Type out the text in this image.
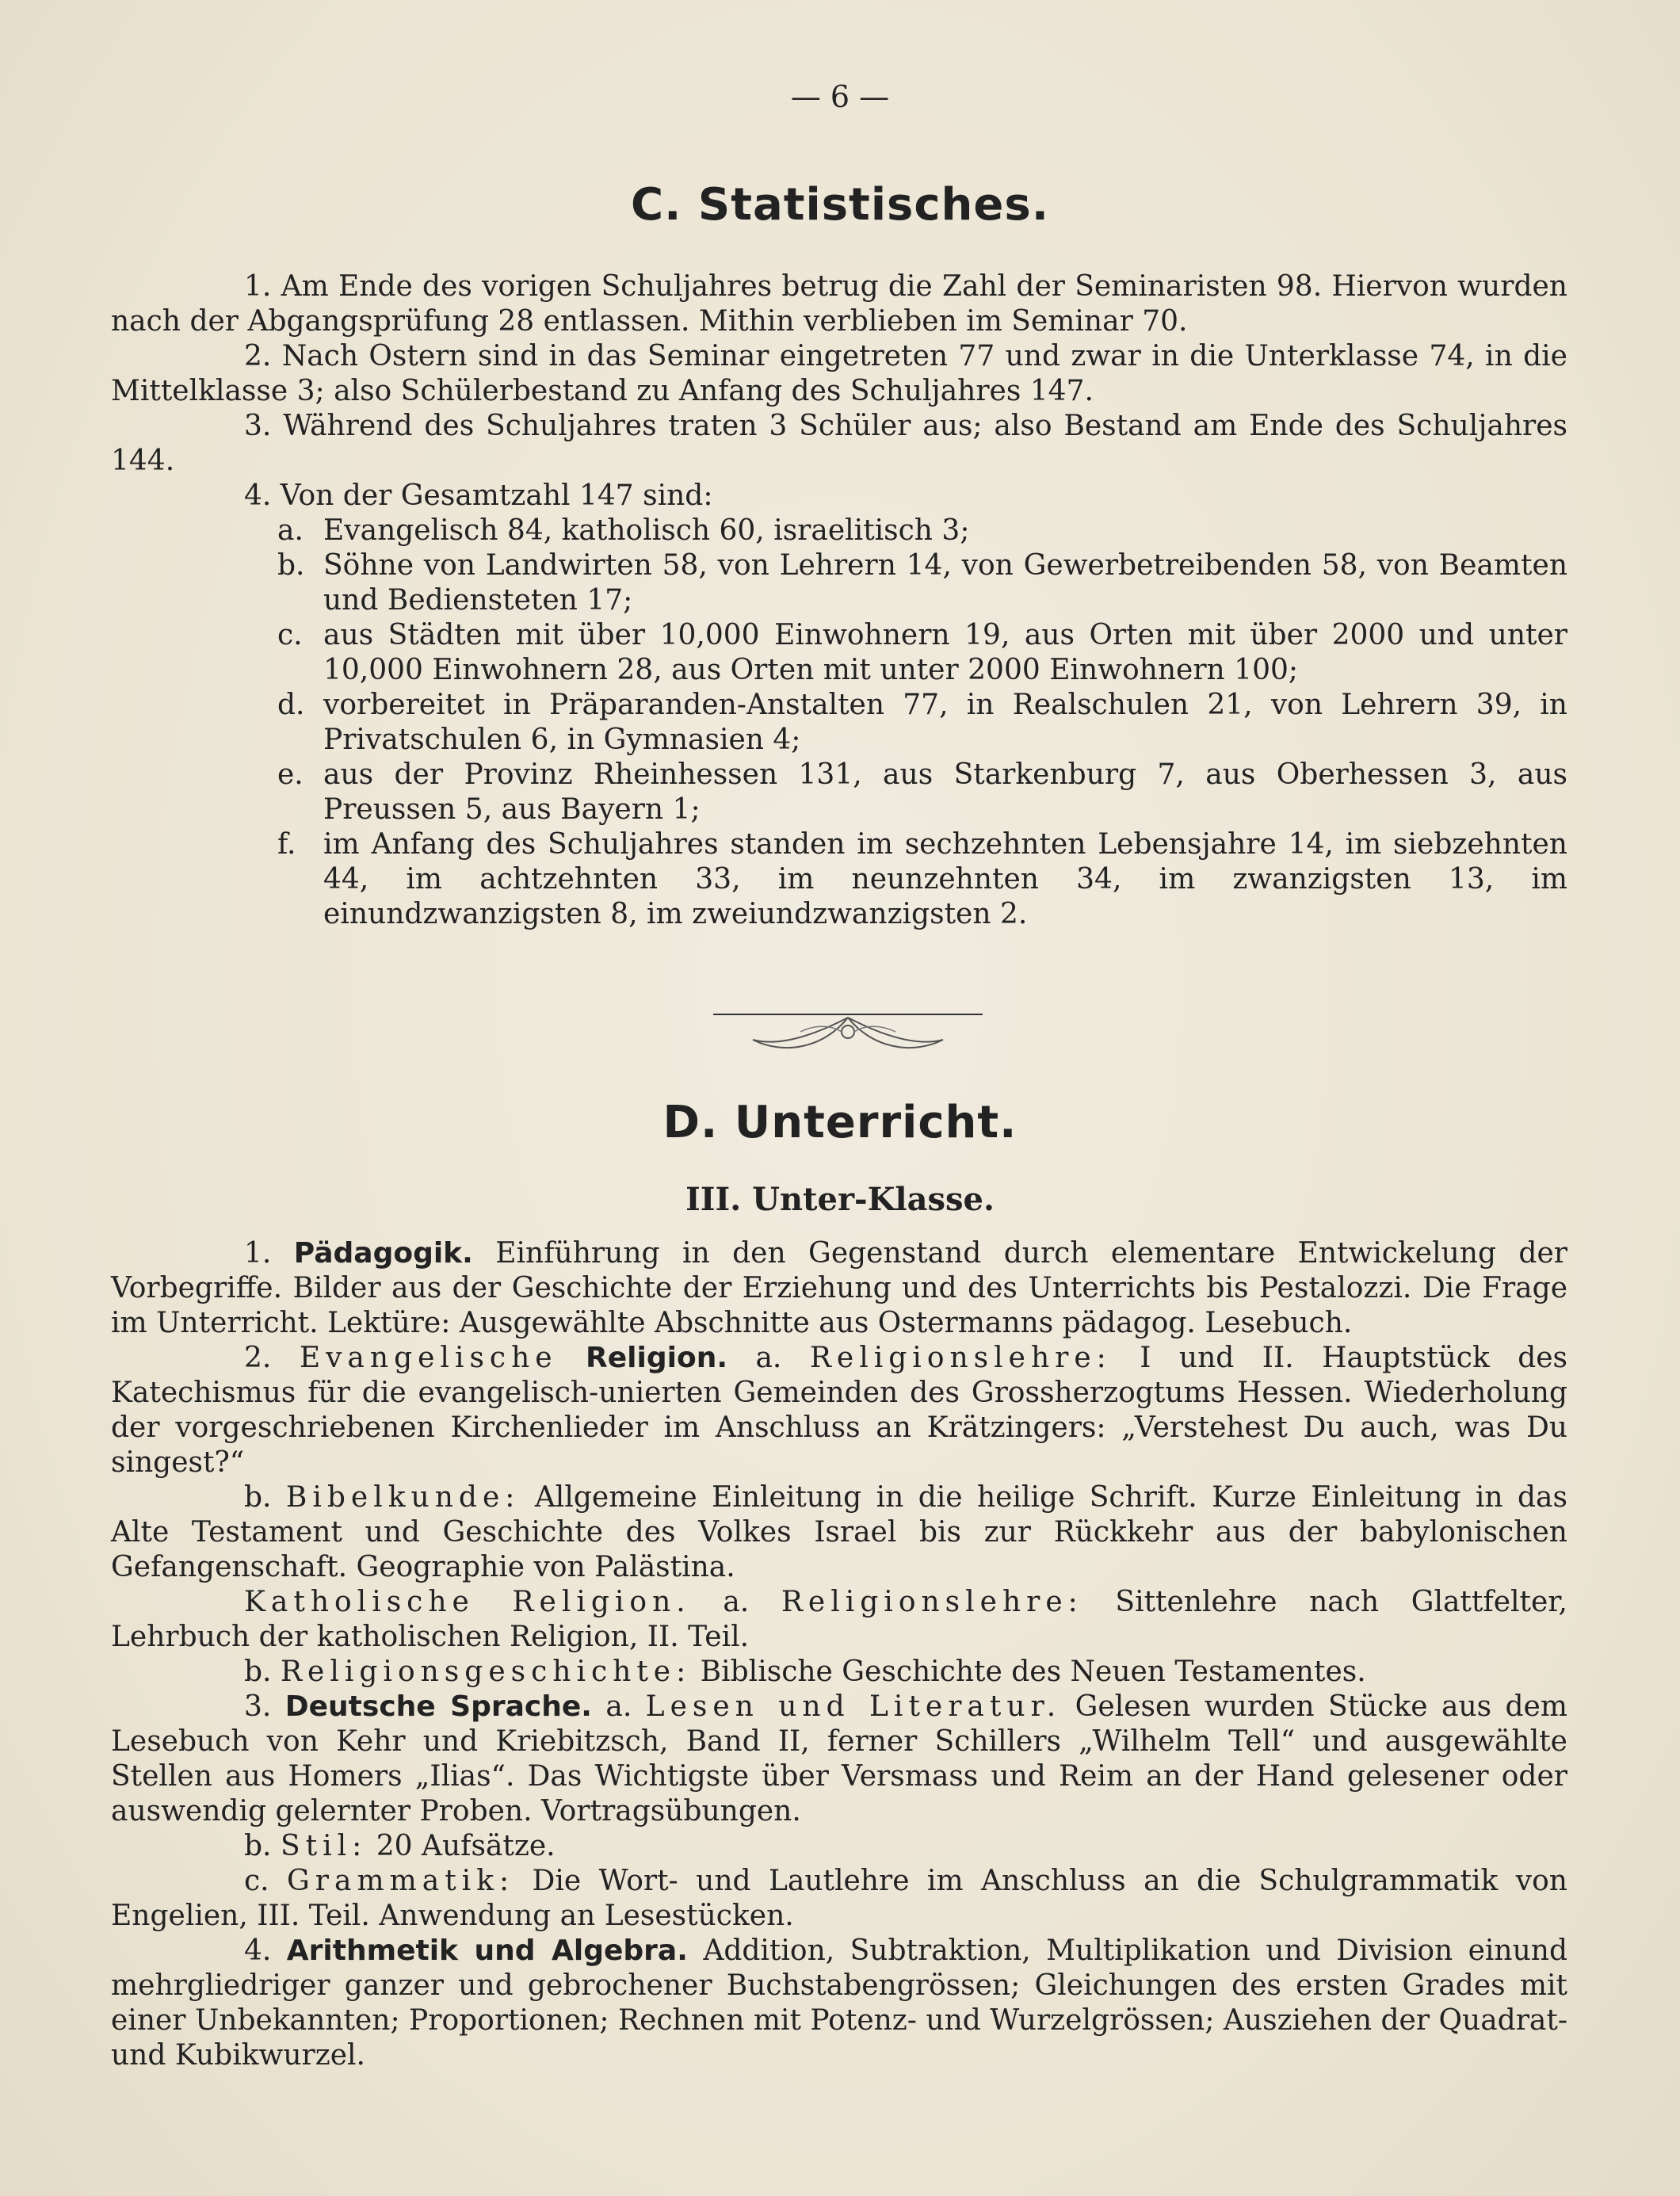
— 6 —
C. Statistisches.

1. Am Ende des vorigen Schuljahres betrug die Zahl der Seminaristen 98. Hiervon wurden nach der Abgangsprüfung 28 entlassen. Mithin verblieben im Seminar 70.

2. Nach Ostern sind in das Seminar eingetreten 77 und zwar in die Unterklasse 74, in die Mittelklasse 3; also Schülerbestand zu Anfang des Schuljahres 147.

3. Während des Schuljahres traten 3 Schüler aus; also Bestand am Ende des Schuljahres 144.

4. Von der Gesamtzahl 147 sind:

a. Evangelisch 84, katholisch 60, israelitisch 3;
b. Söhne von Landwirten 58, von Lehrern 14, von Gewerbetreibenden 58, von Beamten und Bediensteten 17;
c. aus Städten mit über 10,000 Einwohnern 19, aus Orten mit über 2000 und unter 10,000 Einwohnern 28, aus Orten mit unter 2000 Einwohnern 100;
d. vorbereitet in Präparanden-Anstalten 77, in Realschulen 21, von Lehrern 39, in Privatschulen 6, in Gymnasien 4;
e. aus der Provinz Rheinhessen 131, aus Starkenburg 7, aus Oberhessen 3, aus Preussen 5, aus Bayern 1;
f. im Anfang des Schuljahres standen im sechzehnten Lebensjahre 14, im siebzehnten 44, im achtzehnten 33, im neunzehnten 34, im zwanzigsten 13, im einundzwanzigsten 8, im zweiundzwanzigsten 2.
D. Unterricht.
III. Unter-Klasse.

1. Pädagogik. Einführung in den Gegenstand durch elementare Entwickelung der Vorbegriffe. Bilder aus der Geschichte der Erziehung und des Unterrichts bis Pestalozzi. Die Frage im Unterricht. Lektüre: Ausgewählte Abschnitte aus Ostermanns pädagog. Lesebuch.

2. Evangelische Religion. a. Religionslehre: I und II. Hauptstück des Katechismus für die evangelisch-unierten Gemeinden des Grossherzogtums Hessen. Wiederholung der vorgeschriebenen Kirchenlieder im Anschluss an Krätzingers: „Verstehest Du auch, was Du singest?“

b. Bibelkunde: Allgemeine Einleitung in die heilige Schrift. Kurze Einleitung in das Alte Testament und Geschichte des Volkes Israel bis zur Rückkehr aus der babylonischen Gefangenschaft. Geographie von Palästina.

Katholische Religion. a. Religionslehre: Sittenlehre nach Glattfelter, Lehrbuch der katholischen Religion, II. Teil.

b. Religionsgeschichte: Biblische Geschichte des Neuen Testamentes.

3. Deutsche Sprache. a. Lesen und Literatur. Gelesen wurden Stücke aus dem Lesebuch von Kehr und Kriebitzsch, Band II, ferner Schillers „Wilhelm Tell“ und ausgewählte Stellen aus Homers „Ilias“. Das Wichtigste über Versmass und Reim an der Hand gelesener oder auswendig gelernter Proben. Vortragsübungen.

b. Stil: 20 Aufsätze.

c. Grammatik: Die Wort- und Lautlehre im Anschluss an die Schulgrammatik von Engelien, III. Teil. Anwendung an Lesestücken.

4. Arithmetik und Algebra. Addition, Subtraktion, Multiplikation und Division einund mehrgliedriger ganzer und gebrochener Buchstabengrössen; Gleichungen des ersten Grades mit einer Unbekannten; Proportionen; Rechnen mit Potenz- und Wurzelgrössen; Ausziehen der Quadrat- und Kubikwurzel.
